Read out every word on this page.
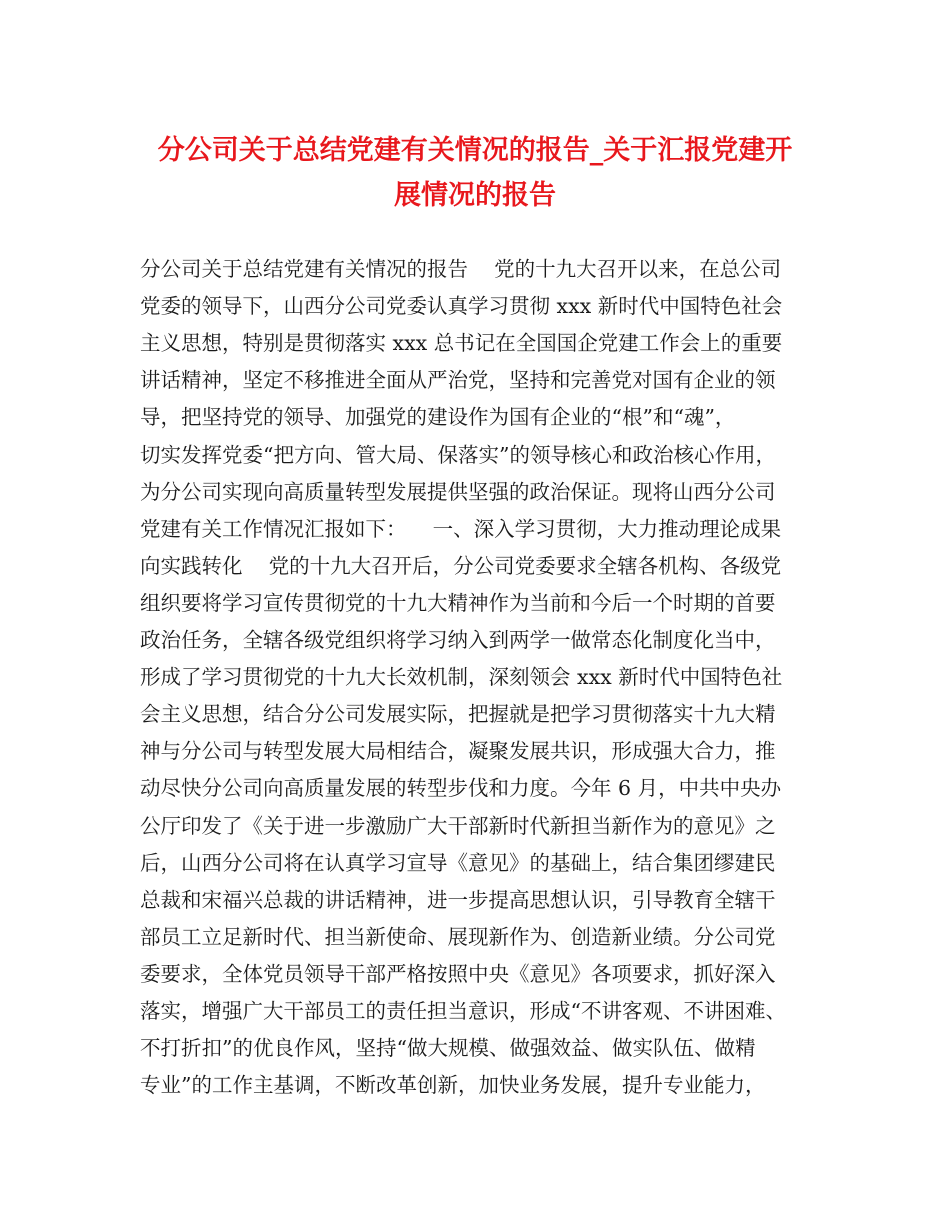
分公司关于总结党建有关情况的报告_关于汇报党建开
展情况的报告
分公司关于总结党建有关情况的报告    党的十九大召开以来，在总公司
党委的领导下，山西分公司党委认真学习贯彻 xxx 新时代中国特色社会
主义思想，特别是贯彻落实 xxx 总书记在全国国企党建工作会上的重要
讲话精神，坚定不移推进全面从严治党，坚持和完善党对国有企业的领
导，把坚持党的领导、加强党的建设作为国有企业的“根”和“魂”，
切实发挥党委“把方向、管大局、保落实”的领导核心和政治核心作用，
为分公司实现向高质量转型发展提供坚强的政治保证。现将山西分公司
党建有关工作情况汇报如下：    一、深入学习贯彻，大力推动理论成果
向实践转化    党的十九大召开后，分公司党委要求全辖各机构、各级党
组织要将学习宣传贯彻党的十九大精神作为当前和今后一个时期的首要
政治任务，全辖各级党组织将学习纳入到两学一做常态化制度化当中，
形成了学习贯彻党的十九大长效机制，深刻领会 xxx 新时代中国特色社
会主义思想，结合分公司发展实际，把握就是把学习贯彻落实十九大精
神与分公司与转型发展大局相结合，凝聚发展共识，形成强大合力，推
动尽快分公司向高质量发展的转型步伐和力度。今年 6 月，中共中央办
公厅印发了《关于进一步激励广大干部新时代新担当新作为的意见》之
后，山西分公司将在认真学习宣导《意见》的基础上，结合集团缪建民
总裁和宋福兴总裁的讲话精神，进一步提高思想认识，引导教育全辖干
部员工立足新时代、担当新使命、展现新作为、创造新业绩。分公司党
委要求，全体党员领导干部严格按照中央《意见》各项要求，抓好深入
落实，增强广大干部员工的责任担当意识，形成“不讲客观、不讲困难、
不打折扣”的优良作风，坚持“做大规模、做强效益、做实队伍、做精
专业”的工作主基调，不断改革创新，加快业务发展，提升专业能力，
